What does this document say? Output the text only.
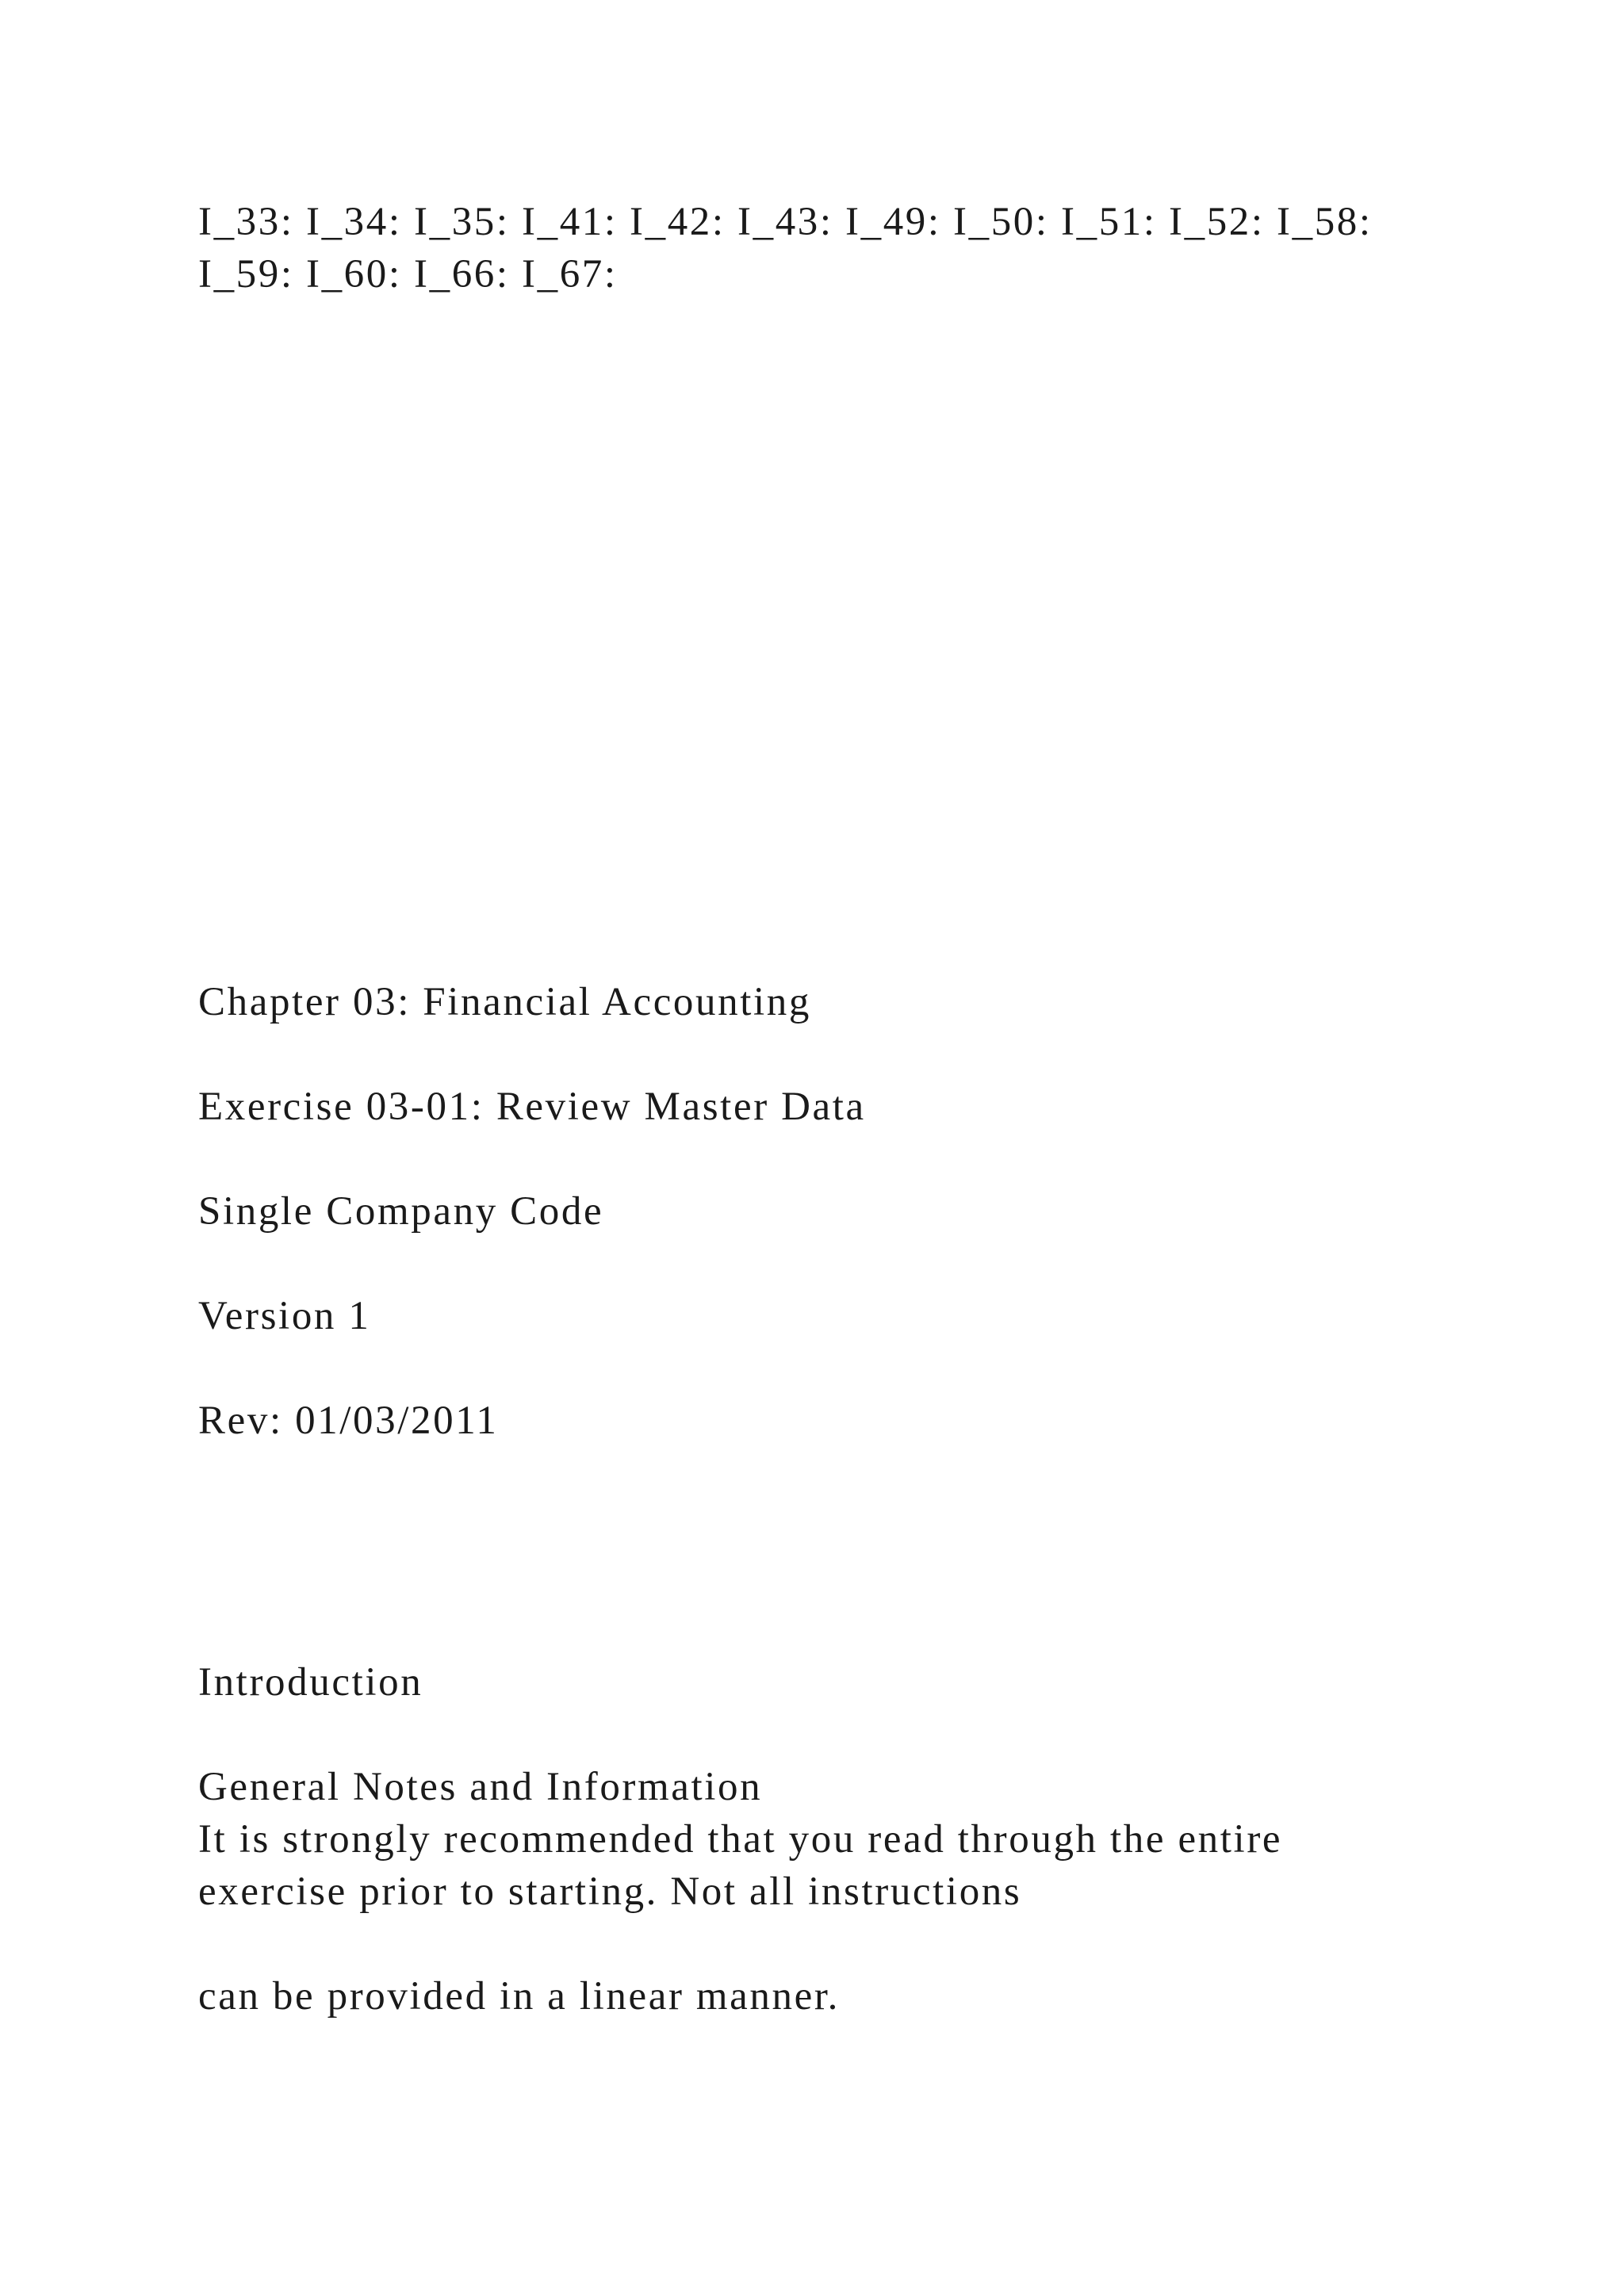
I_33: I_34: I_35: I_41: I_42: I_43: I_49: I_50: I_51: I_52: I_58:

I_59: I_60: I_66: I_67:

Chapter 03: Financial Accounting

Exercise 03-01: Review Master Data

Single Company Code

Version 1

Rev: 01/03/2011

Introduction

General Notes and Information

It is strongly recommended that you read through the entire

exercise prior to starting. Not all instructions

can be provided in a linear manner.
